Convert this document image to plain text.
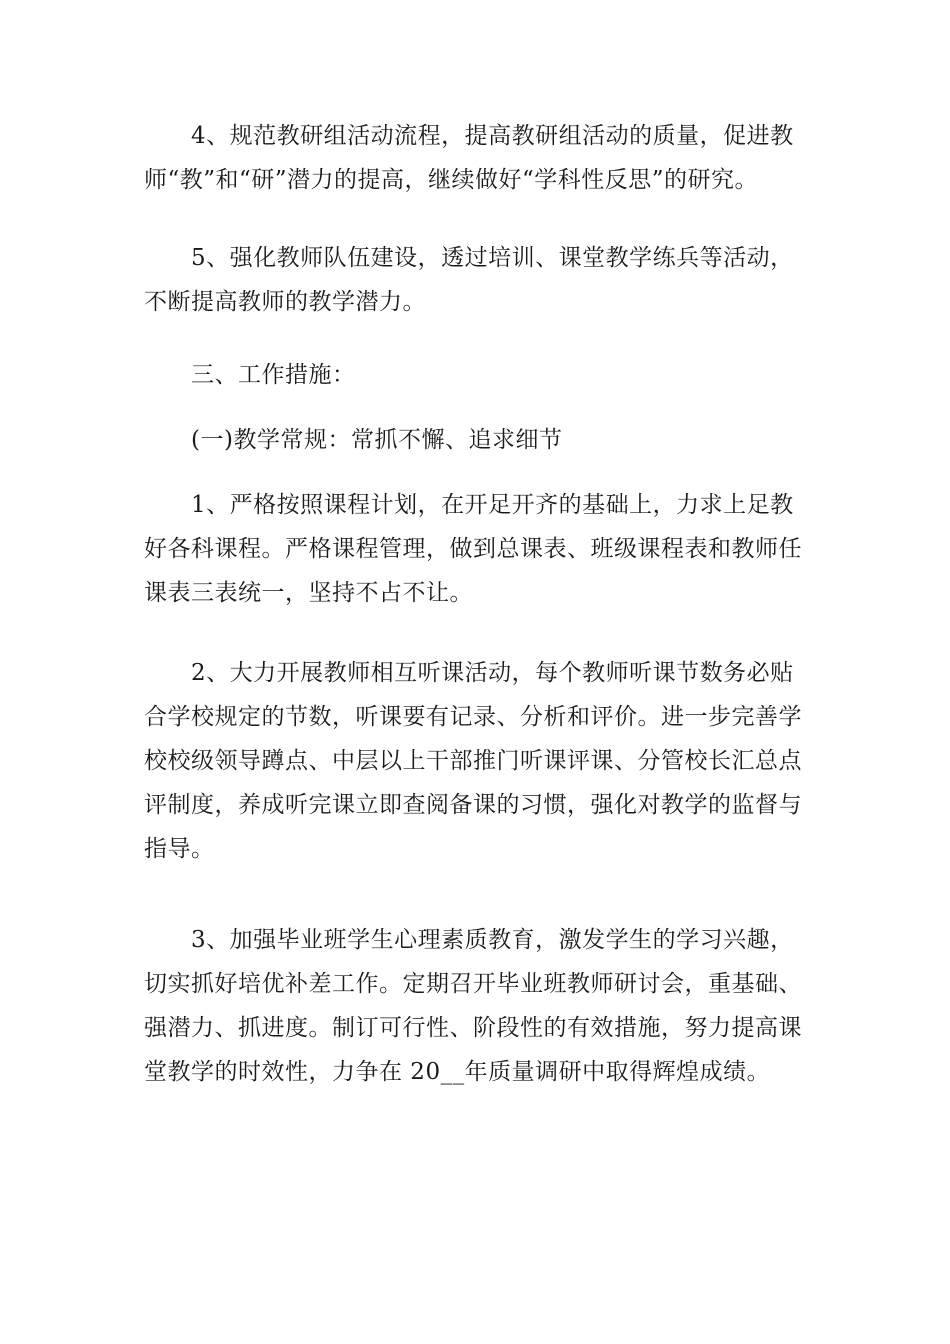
4、规范教研组活动流程，提高教研组活动的质量，促进教
师“教”和“研”潜力的提高，继续做好“学科性反思”的研究。
5、强化教师队伍建设，透过培训、课堂教学练兵等活动，
不断提高教师的教学潜力。
三、工作措施：
(一)教学常规：常抓不懈、追求细节
1、严格按照课程计划，在开足开齐的基础上，力求上足教
好各科课程。严格课程管理，做到总课表、班级课程表和教师任
课表三表统一，坚持不占不让。
2、大力开展教师相互听课活动，每个教师听课节数务必贴
合学校规定的节数，听课要有记录、分析和评价。进一步完善学
校校级领导蹲点、中层以上干部推门听课评课、分管校长汇总点
评制度，养成听完课立即查阅备课的习惯，强化对教学的监督与
指导。
3、加强毕业班学生心理素质教育，激发学生的学习兴趣，
切实抓好培优补差工作。定期召开毕业班教师研讨会，重基础、
强潜力、抓进度。制订可行性、阶段性的有效措施，努力提高课
堂教学的时效性，力争在 20__年质量调研中取得辉煌成绩。
